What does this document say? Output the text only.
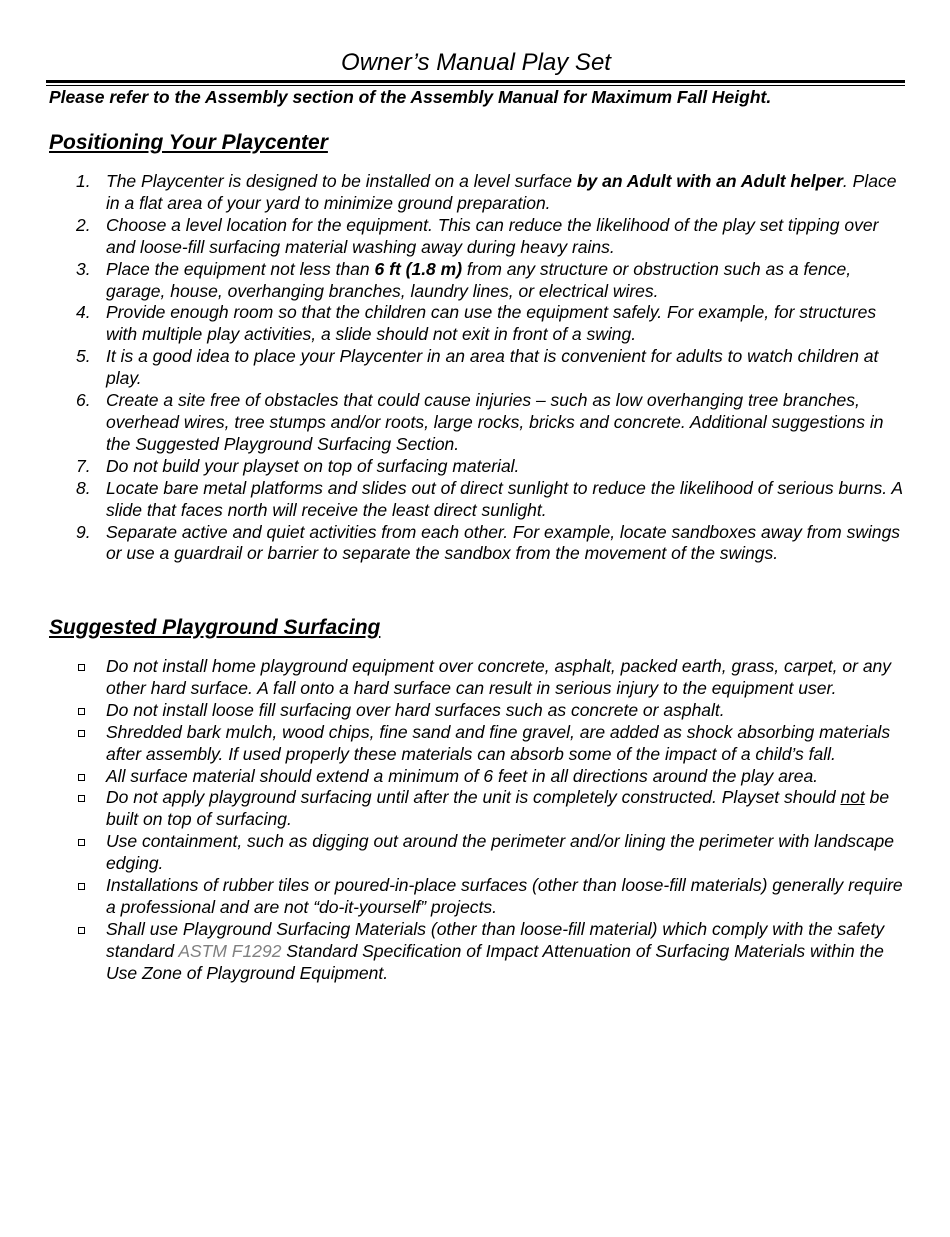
Owner’s Manual Play Set
Please refer to the Assembly section of the Assembly Manual for Maximum Fall Height.
Positioning Your Playcenter
1. The Playcenter is designed to be installed on a level surface by an Adult with an Adult helper. Place in a flat area of your yard to minimize ground preparation.
2. Choose a level location for the equipment. This can reduce the likelihood of the play set tipping over and loose-fill surfacing material washing away during heavy rains.
3. Place the equipment not less than 6 ft (1.8 m) from any structure or obstruction such as a fence, garage, house, overhanging branches, laundry lines, or electrical wires.
4. Provide enough room so that the children can use the equipment safely. For example, for structures with multiple play activities, a slide should not exit in front of a swing.
5. It is a good idea to place your Playcenter in an area that is convenient for adults to watch children at play.
6. Create a site free of obstacles that could cause injuries – such as low overhanging tree branches, overhead wires, tree stumps and/or roots, large rocks, bricks and concrete. Additional suggestions in the Suggested Playground Surfacing Section.
7. Do not build your playset on top of surfacing material.
8. Locate bare metal platforms and slides out of direct sunlight to reduce the likelihood of serious burns. A slide that faces north will receive the least direct sunlight.
9. Separate active and quiet activities from each other. For example, locate sandboxes away from swings or use a guardrail or barrier to separate the sandbox from the movement of the swings.
Suggested Playground Surfacing
Do not install home playground equipment over concrete, asphalt, packed earth, grass, carpet, or any other hard surface. A fall onto a hard surface can result in serious injury to the equipment user.
Do not install loose fill surfacing over hard surfaces such as concrete or asphalt.
Shredded bark mulch, wood chips, fine sand and fine gravel, are added as shock absorbing materials after assembly. If used properly these materials can absorb some of the impact of a child’s fall.
All surface material should extend a minimum of 6 feet in all directions around the play area.
Do not apply playground surfacing until after the unit is completely constructed. Playset should not be built on top of surfacing.
Use containment, such as digging out around the perimeter and/or lining the perimeter with landscape edging.
Installations of rubber tiles or poured-in-place surfaces (other than loose-fill materials) generally require a professional and are not “do-it-yourself” projects.
Shall use Playground Surfacing Materials (other than loose-fill material) which comply with the safety standard ASTM F1292 Standard Specification of Impact Attenuation of Surfacing Materials within the Use Zone of Playground Equipment.
